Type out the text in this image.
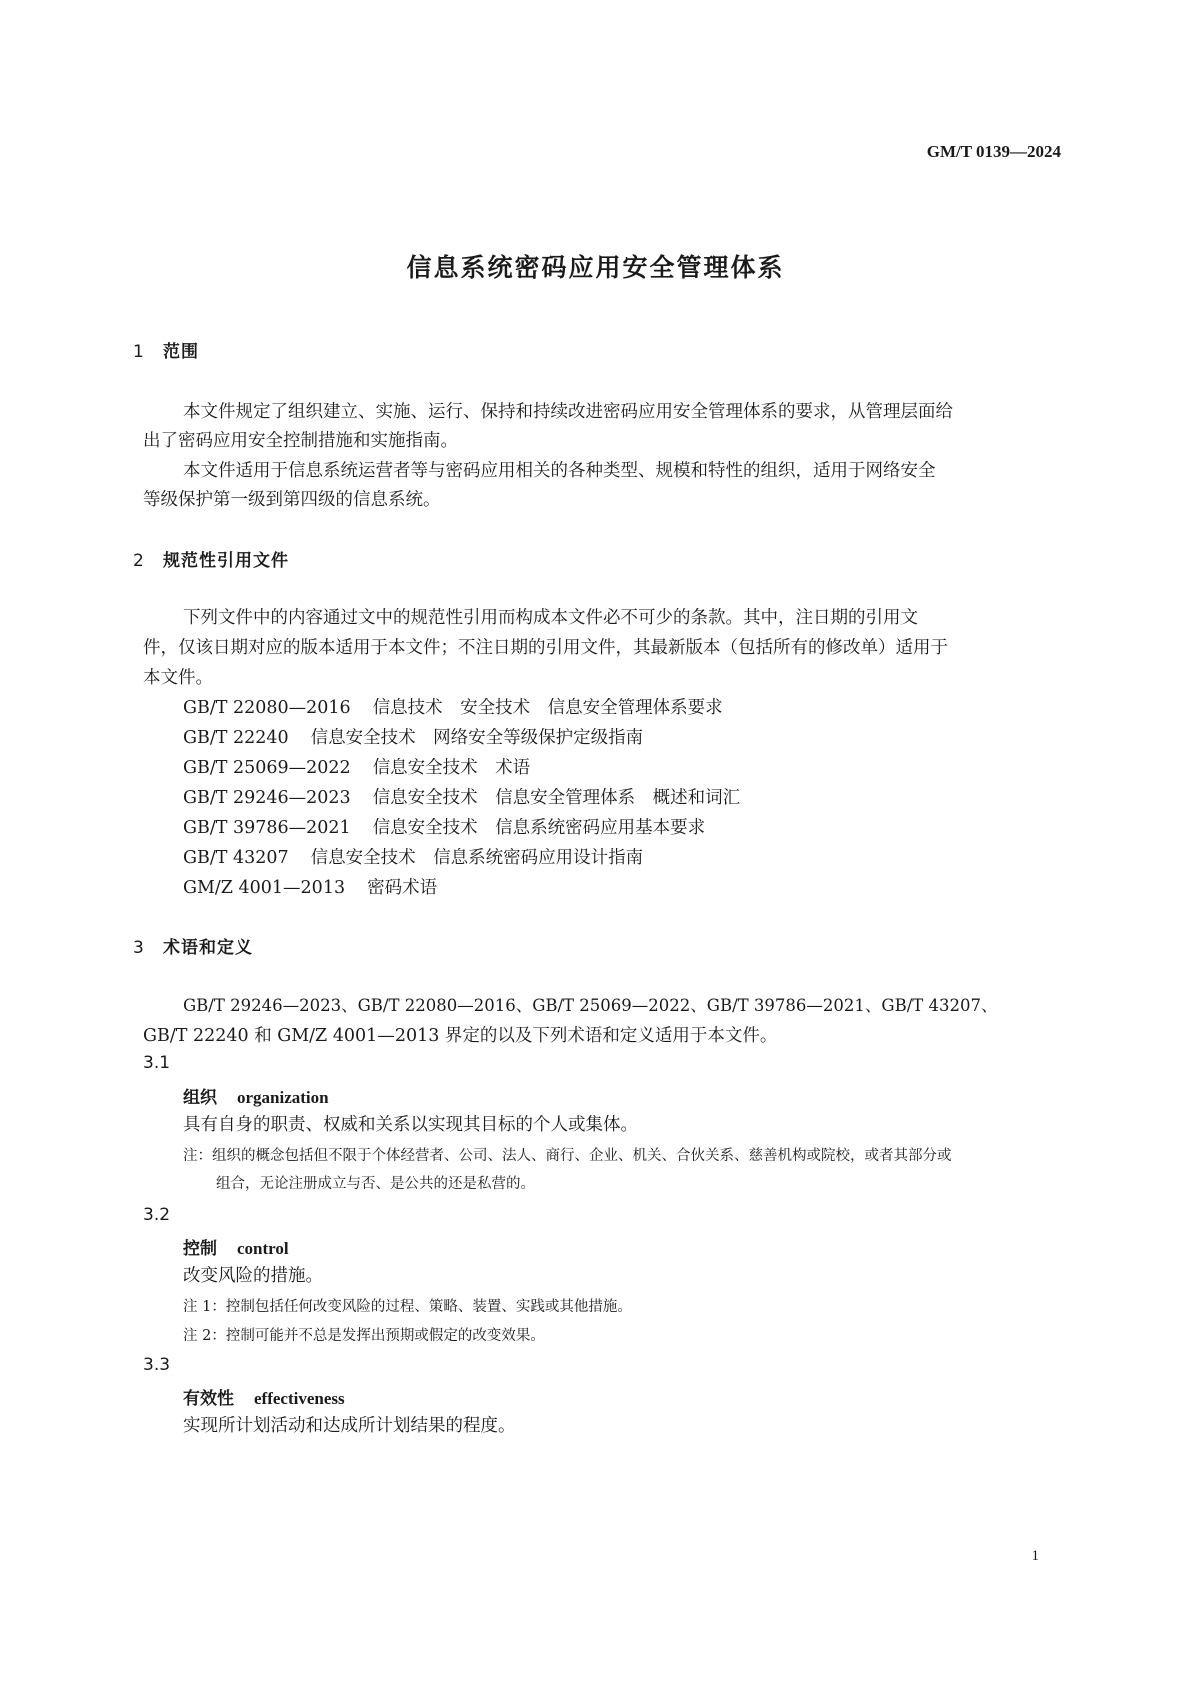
GM/T 0139—2024
信息系统密码应用安全管理体系
1 范围
本文件规定了组织建立、实施、运行、保持和持续改进密码应用安全管理体系的要求，从管理层面给
出了密码应用安全控制措施和实施指南。
本文件适用于信息系统运营者等与密码应用相关的各种类型、规模和特性的组织，适用于网络安全
等级保护第一级到第四级的信息系统。
2 规范性引用文件
下列文件中的内容通过文中的规范性引用而构成本文件必不可少的条款。其中，注日期的引用文
件，仅该日期对应的版本适用于本文件；不注日期的引用文件，其最新版本（包括所有的修改单）适用于
本文件。
GB/T 22080—2016 信息技术　安全技术　信息安全管理体系要求
GB/T 22240 信息安全技术　网络安全等级保护定级指南
GB/T 25069—2022 信息安全技术　术语
GB/T 29246—2023 信息安全技术　信息安全管理体系　概述和词汇
GB/T 39786—2021 信息安全技术　信息系统密码应用基本要求
GB/T 43207 信息安全技术　信息系统密码应用设计指南
GM/Z 4001—2013 密码术语
3 术语和定义
GB/T 29246—2023、GB/T 22080—2016、GB/T 25069—2022、GB/T 39786—2021、GB/T 43207、
GB/T 22240 和 GM/Z 4001—2013 界定的以及下列术语和定义适用于本文件。
3.1
组织 organization
具有自身的职责、权威和关系以实现其目标的个人或集体。
注：组织的概念包括但不限于个体经营者、公司、法人、商行、企业、机关、合伙关系、慈善机构或院校，或者其部分或
组合，无论注册成立与否、是公共的还是私营的。
3.2
控制 control
改变风险的措施。
注 1：控制包括任何改变风险的过程、策略、装置、实践或其他措施。
注 2：控制可能并不总是发挥出预期或假定的改变效果。
3.3
有效性 effectiveness
实现所计划活动和达成所计划结果的程度。
1
